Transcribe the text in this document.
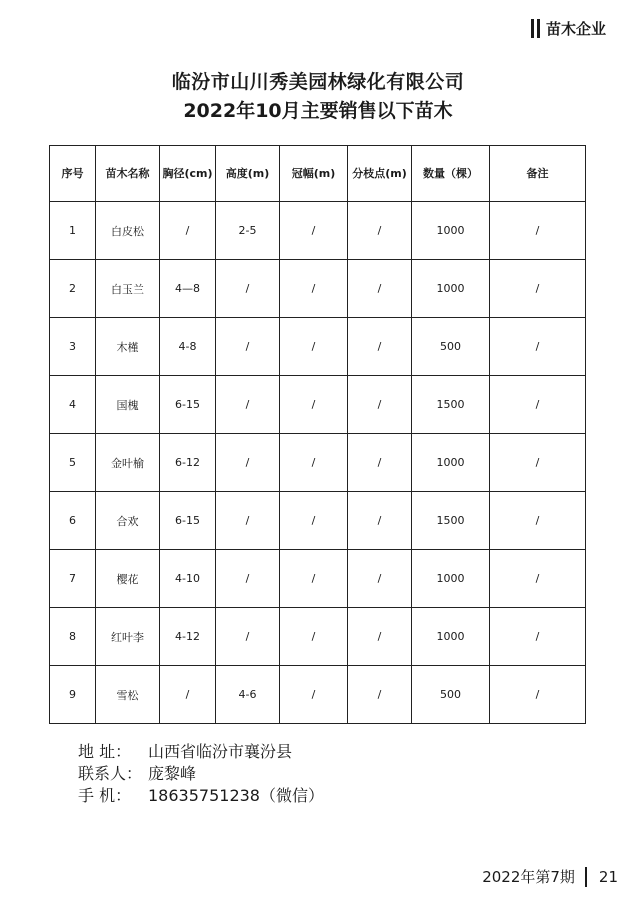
苗木企业
临汾市山川秀美园林绿化有限公司
2022年10月主要销售以下苗木
序号	苗木名称	胸径(cm)	高度(m)	冠幅(m)	分枝点(m)	数量（棵）	备注
1	白皮松	/	2-5	/	/	1000	/
2	白玉兰	4—8	/	/	/	1000	/
3	木槿	4-8	/	/	/	500	/
4	国槐	6-15	/	/	/	1500	/
5	金叶榆	6-12	/	/	/	1000	/
6	合欢	6-15	/	/	/	1500	/
7	樱花	4-10	/	/	/	1000	/
8	红叶李	4-12	/	/	/	1000	/
9	雪松	/	4-6	/	/	500	/
地 址：	山西省临汾市襄汾县
联系人： 庞黎峰
手 机：	18635751238（微信）
2022年第7期 21
